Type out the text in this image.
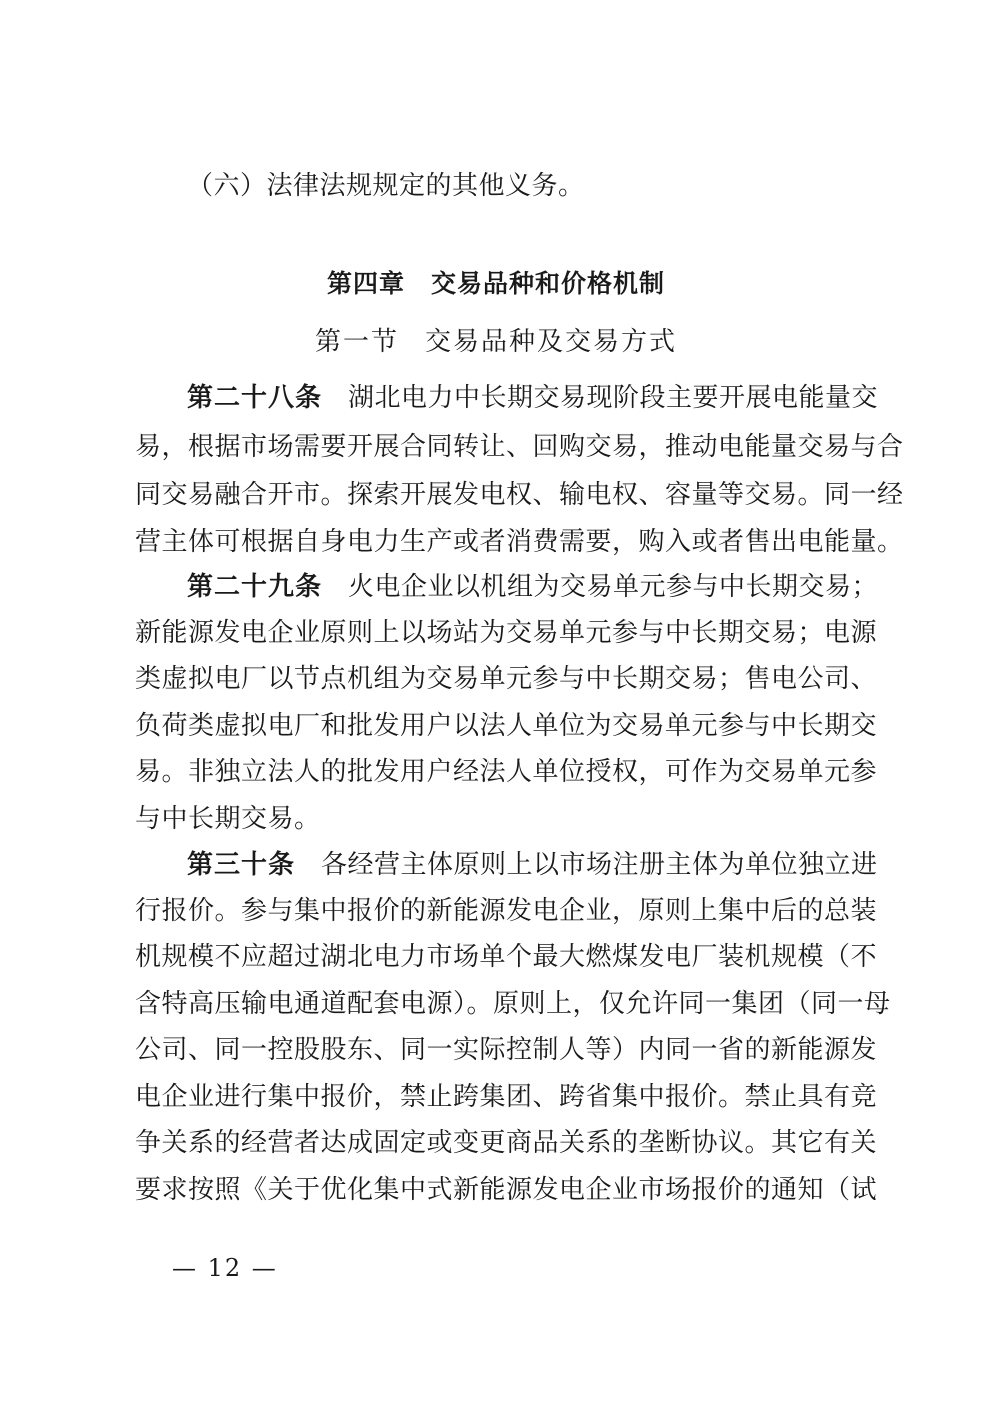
（六）法律法规规定的其他义务。
第四章 交易品种和价格机制
第一节 交易品种及交易方式
第二十八条 湖北电力中长期交易现阶段主要开展电能量交
易，根据市场需要开展合同转让、回购交易，推动电能量交易与合
同交易融合开市。探索开展发电权、输电权、容量等交易。同一经
营主体可根据自身电力生产或者消费需要，购入或者售出电能量。
第二十九条 火电企业以机组为交易单元参与中长期交易；
新能源发电企业原则上以场站为交易单元参与中长期交易；电源
类虚拟电厂以节点机组为交易单元参与中长期交易；售电公司、
负荷类虚拟电厂和批发用户以法人单位为交易单元参与中长期交
易。非独立法人的批发用户经法人单位授权，可作为交易单元参
与中长期交易。
第三十条 各经营主体原则上以市场注册主体为单位独立进
行报价。参与集中报价的新能源发电企业，原则上集中后的总装
机规模不应超过湖北电力市场单个最大燃煤发电厂装机规模（不
含特高压输电通道配套电源）。原则上，仅允许同一集团（同一母
公司、同一控股股东、同一实际控制人等）内同一省的新能源发
电企业进行集中报价，禁止跨集团、跨省集中报价。禁止具有竞
争关系的经营者达成固定或变更商品关系的垄断协议。其它有关
要求按照《关于优化集中式新能源发电企业市场报价的通知（试
— 12 —
